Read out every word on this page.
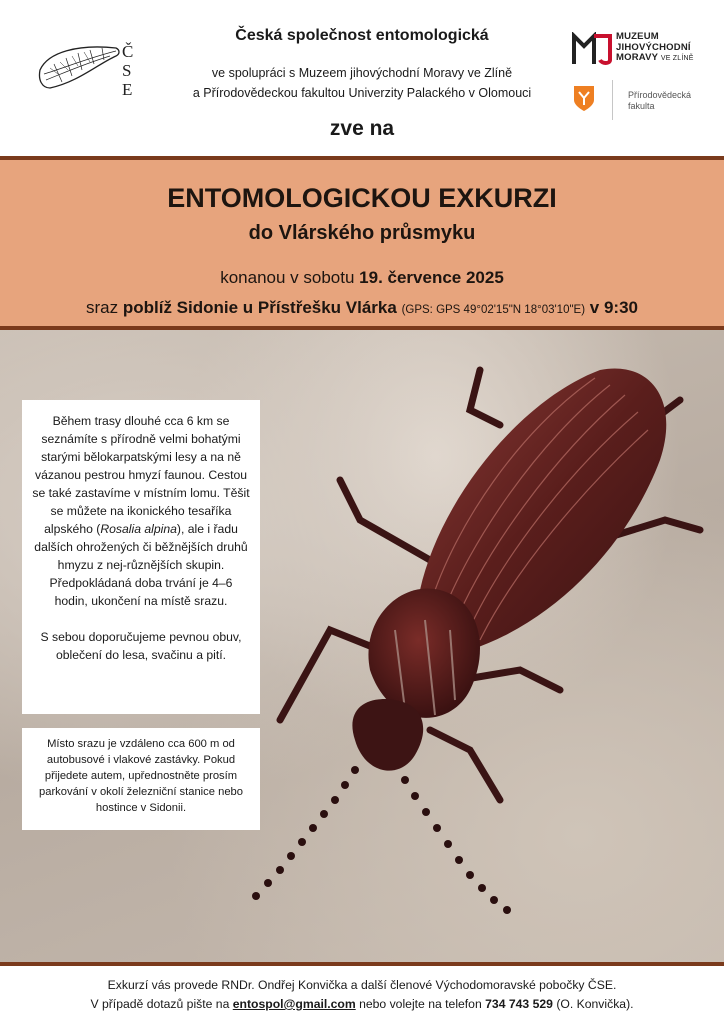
ČSE
Česká společnost entomologická
ve spolupráci s Muzeem jihovýchodní Moravy ve Zlíně
a Přírodovědeckou fakultou Univerzity Palackého v Olomouci
zve na
MUZEUM
JIHOVÝCHODNÍ
MORAVY VE ZLÍNĚ
Přírodovědecká
fakulta
ENTOMOLOGICKOU EXKURZI
do Vlárského průsmyku
konanou v sobotu 19. července 2025
sraz poblíž Sidonie u Přístřešku Vlárka (GPS: GPS 49°02'15"N 18°03'10"E) v 9:30

Během trasy dlouhé cca 6 km se seznámíte s přírodně velmi bohatými starými bělokarpatskými lesy a na ně vázanou pestrou hmyzí faunou. Cestou se také zastavíme v místním lomu. Těšit se můžete na ikonického tesaříka alpského (Rosalia alpina), ale i řadu dalších ohrožených či běžnějších druhů hmyzu z nej-různějších skupin. Předpokládaná doba trvání je 4–6 hodin, ukončení na místě srazu.

S sebou doporučujeme pevnou obuv, oblečení do lesa, svačinu a pití.

Místo srazu je vzdáleno cca 600 m od autobusové i vlakové zastávky. Pokud přijedete autem, upřednostněte prosím parkování v okolí železniční stanice nebo hostince v Sidonii.

Exkurzí vás provede RNDr. Ondřej Konvička a další členové Východomoravské pobočky ČSE.
V případě dotazů pište na entospol@gmail.com nebo volejte na telefon 734 743 529 (O. Konvička).
